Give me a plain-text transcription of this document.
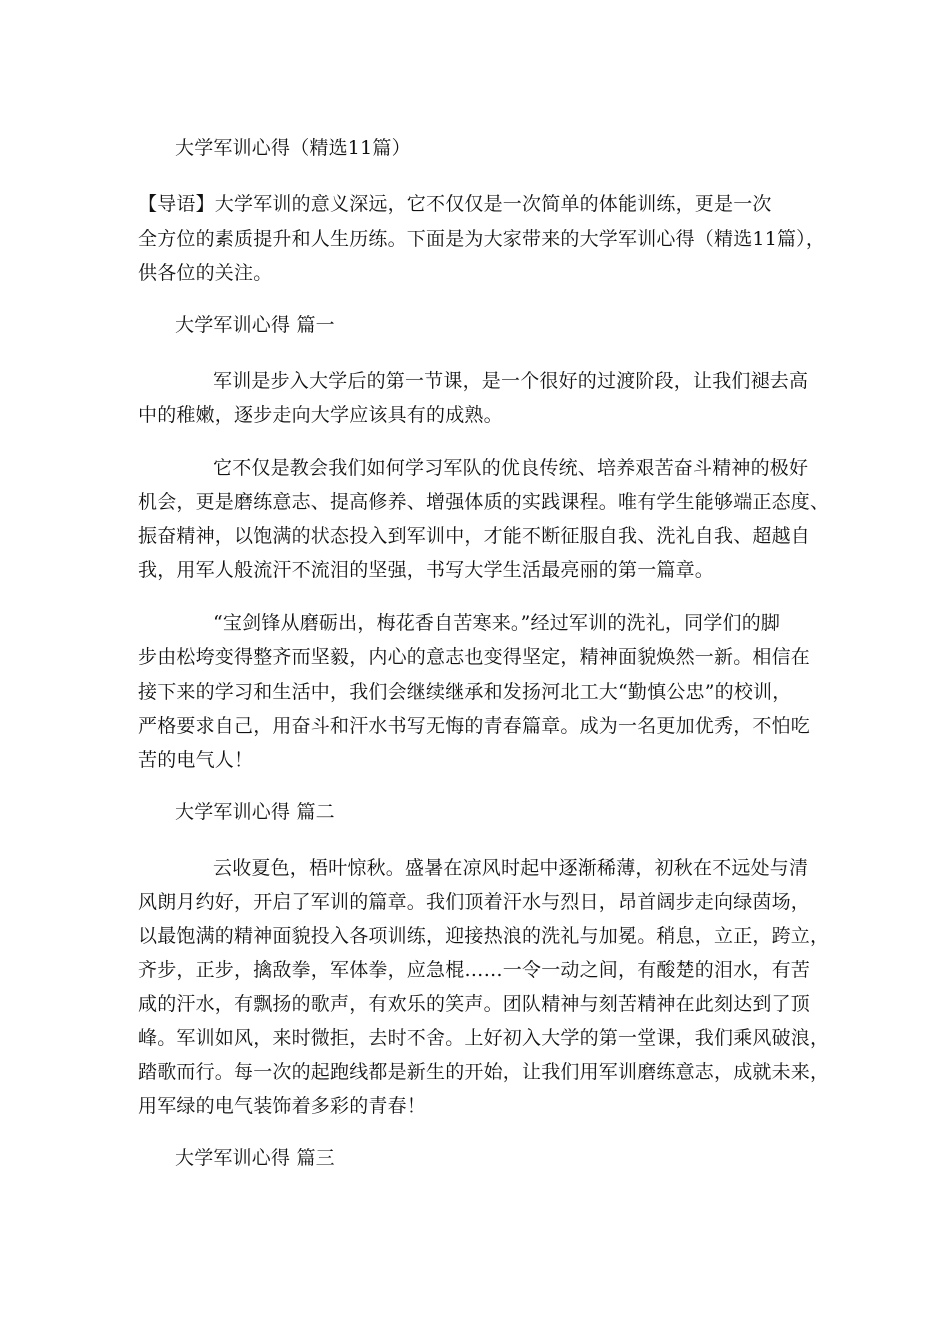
大学军训心得（精选11篇）
【导语】大学军训的意义深远，它不仅仅是一次简单的体能训练，更是一次
全方位的素质提升和人生历练。下面是为大家带来的大学军训心得（精选11篇），
供各位的关注。
大学军训心得 篇一
军训是步入大学后的第一节课，是一个很好的过渡阶段，让我们褪去高
中的稚嫩，逐步走向大学应该具有的成熟。
它不仅是教会我们如何学习军队的优良传统、培养艰苦奋斗精神的极好
机会，更是磨练意志、提高修养、增强体质的实践课程。唯有学生能够端正态度、
振奋精神，以饱满的状态投入到军训中，才能不断征服自我、洗礼自我、超越自
我，用军人般流汗不流泪的坚强，书写大学生活最亮丽的第一篇章。
“宝剑锋从磨砺出，梅花香自苦寒来。”经过军训的洗礼，同学们的脚
步由松垮变得整齐而坚毅，内心的意志也变得坚定，精神面貌焕然一新。相信在
接下来的学习和生活中，我们会继续继承和发扬河北工大“勤慎公忠”的校训，
严格要求自己，用奋斗和汗水书写无悔的青春篇章。成为一名更加优秀，不怕吃
苦的电气人！
大学军训心得 篇二
云收夏色，梧叶惊秋。盛暑在凉风时起中逐渐稀薄，初秋在不远处与清
风朗月约好，开启了军训的篇章。我们顶着汗水与烈日，昂首阔步走向绿茵场，
以最饱满的精神面貌投入各项训练，迎接热浪的洗礼与加冕。稍息，立正，跨立，
齐步，正步，擒敌拳，军体拳，应急棍……一令一动之间，有酸楚的泪水，有苦
咸的汗水，有飘扬的歌声，有欢乐的笑声。团队精神与刻苦精神在此刻达到了顶
峰。军训如风，来时微拒，去时不舍。上好初入大学的第一堂课，我们乘风破浪，
踏歌而行。每一次的起跑线都是新生的开始，让我们用军训磨练意志，成就未来，
用军绿的电气装饰着多彩的青春！
大学军训心得 篇三
